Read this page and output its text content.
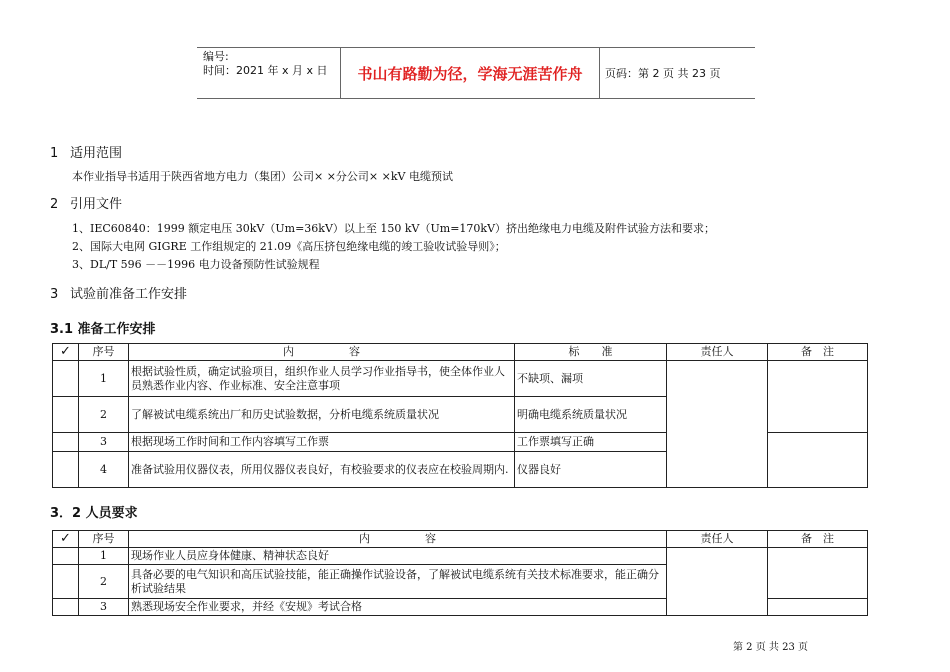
编号:
时间：2021 年 x 月 x 日	书山有路勤为径，学海无涯苦作舟	页码：第 2 页 共 23 页
1 适用范围
本作业指导书适用于陕西省地方电力（集团）公司× ×分公司× ×kV 电缆预试
2 引用文件
1、IEC60840：1999 额定电压 30kV（Um=36kV）以上至 150 kV（Um=170kV）挤出绝缘电力电缆及附件试验方法和要求；
2、国际大电网 GIGRE 工作组规定的 21.09《高压挤包绝缘电缆的竣工验收试验导则》；
3、DL/T 596 －－1996 电力设备预防性试验规程
3 试验前准备工作安排
3.1 准备工作安排
✓	序号	内　　　　　容	标　　准	责任人	备　注
	1	根据试验性质，确定试验项目，组织作业人员学习作业指导书，使全体作业人员熟悉作业内容、作业标准、安全注意事项	不缺项、漏项		
	2	了解被试电缆系统出厂和历史试验数据，分析电缆系统质量状况	明确电缆系统质量状况		
	3	根据现场工作时间和工作内容填写工作票	工作票填写正确		
	4	准备试验用仪器仪表，所用仪器仪表良好，有校验要求的仪表应在校验周期内.	仪器良好		
3．2 人员要求
✓	序号	内　　　　　容	责任人	备　注
	1	现场作业人员应身体健康、精神状态良好		
	2	具备必要的电气知识和高压试验技能，能正确操作试验设备，了解被试电缆系统有关技术标准要求，能正确分析试验结果		
	3	熟悉现场安全作业要求，并经《安规》考试合格		
第 2 页 共 23 页
